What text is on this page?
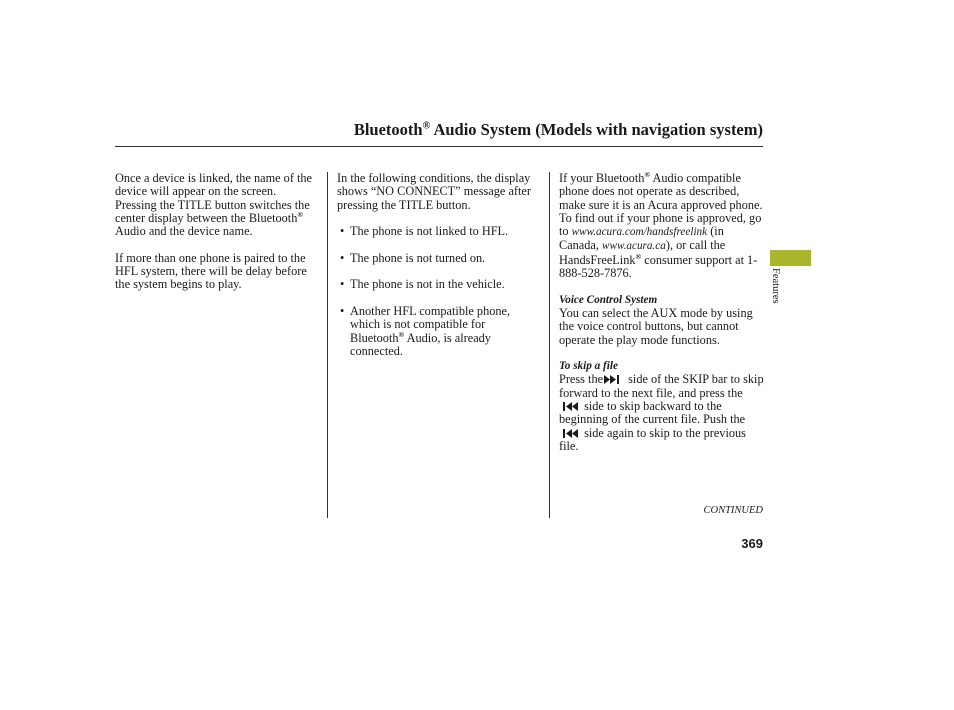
Bluetooth® Audio System (Models with navigation system)

Once a device is linked, the name of the device will appear on the screen. Pressing the TITLE button switches the center display between the Bluetooth® Audio and the device name.

If more than one phone is paired to the HFL system, there will be delay before the system begins to play.

In the following conditions, the display shows “NO CONNECT” message after pressing the TITLE button.

• The phone is not linked to HFL.

• The phone is not turned on.

• The phone is not in the vehicle.

• Another HFL compatible phone, which is not compatible for Bluetooth® Audio, is already connected.

If your Bluetooth® Audio compatible phone does not operate as described, make sure it is an Acura approved phone. To find out if your phone is approved, go to www.acura.com/handsfreelink (in Canada, www.acura.ca), or call the HandsFreeLink® consumer support at 1-888-528-7876.

Voice Control System

You can select the AUX mode by using the voice control buttons, but cannot operate the play mode functions.

To skip a file

Press the side of the SKIP bar to skip forward to the next file, and press the side to skip backward to the beginning of the current file. Push the side again to skip to the previous file.

CONTINUED
369
Features
